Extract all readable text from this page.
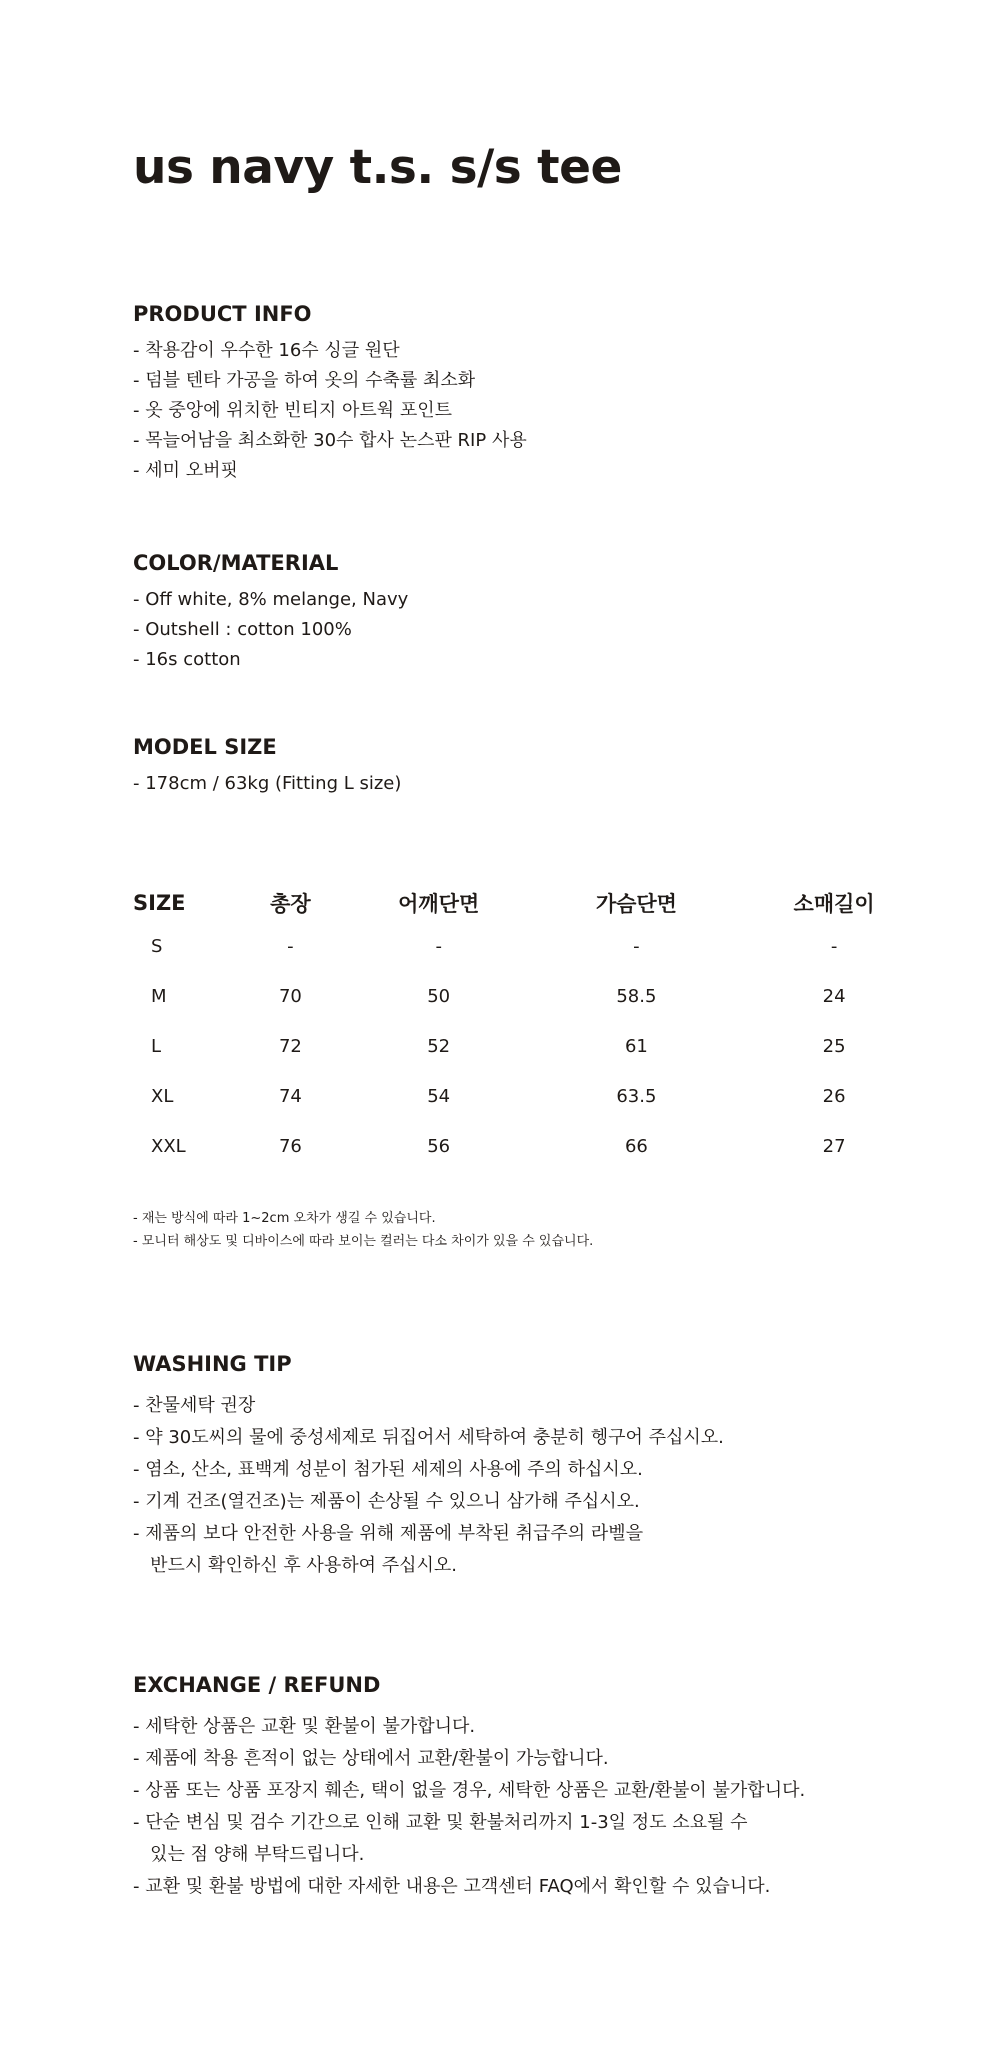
us navy t.s. s/s tee
PRODUCT INFO
- 착용감이 우수한 16수 싱글 원단
- 덤블 텐타 가공을 하여 옷의 수축률 최소화
- 옷 중앙에 위치한 빈티지 아트웍 포인트
- 목늘어남을 최소화한 30수 합사 논스판 RIP 사용
- 세미 오버핏
COLOR/MATERIAL
- Off white, 8% melange, Navy
- Outshell : cotton 100%
- 16s cotton
MODEL SIZE
- 178cm / 63kg (Fitting L size)
SIZE	총장	어깨단면	가슴단면	소매길이
S	-	-	-	-
M	70	50	58.5	24
L	72	52	61	25
XL	74	54	63.5	26
XXL	76	56	66	27
- 재는 방식에 따라 1~2cm 오차가 생길 수 있습니다.
- 모니터 해상도 및 디바이스에 따라 보이는 컬러는 다소 차이가 있을 수 있습니다.
WASHING TIP
- 찬물세탁 권장
- 약 30도씨의 물에 중성세제로 뒤집어서 세탁하여 충분히 헹구어 주십시오.
- 염소, 산소, 표백계 성분이 첨가된 세제의 사용에 주의 하십시오.
- 기계 건조(열건조)는 제품이 손상될 수 있으니 삼가해 주십시오.
- 제품의 보다 안전한 사용을 위해 제품에 부착된 취급주의 라벨을
반드시 확인하신 후 사용하여 주십시오.
EXCHANGE / REFUND
- 세탁한 상품은 교환 및 환불이 불가합니다.
- 제품에 착용 흔적이 없는 상태에서 교환/환불이 가능합니다.
- 상품 또는 상품 포장지 훼손, 택이 없을 경우, 세탁한 상품은 교환/환불이 불가합니다.
- 단순 변심 및 검수 기간으로 인해 교환 및 환불처리까지 1-3일 정도 소요될 수
있는 점 양해 부탁드립니다.
- 교환 및 환불 방법에 대한 자세한 내용은 고객센터 FAQ에서 확인할 수 있습니다.
